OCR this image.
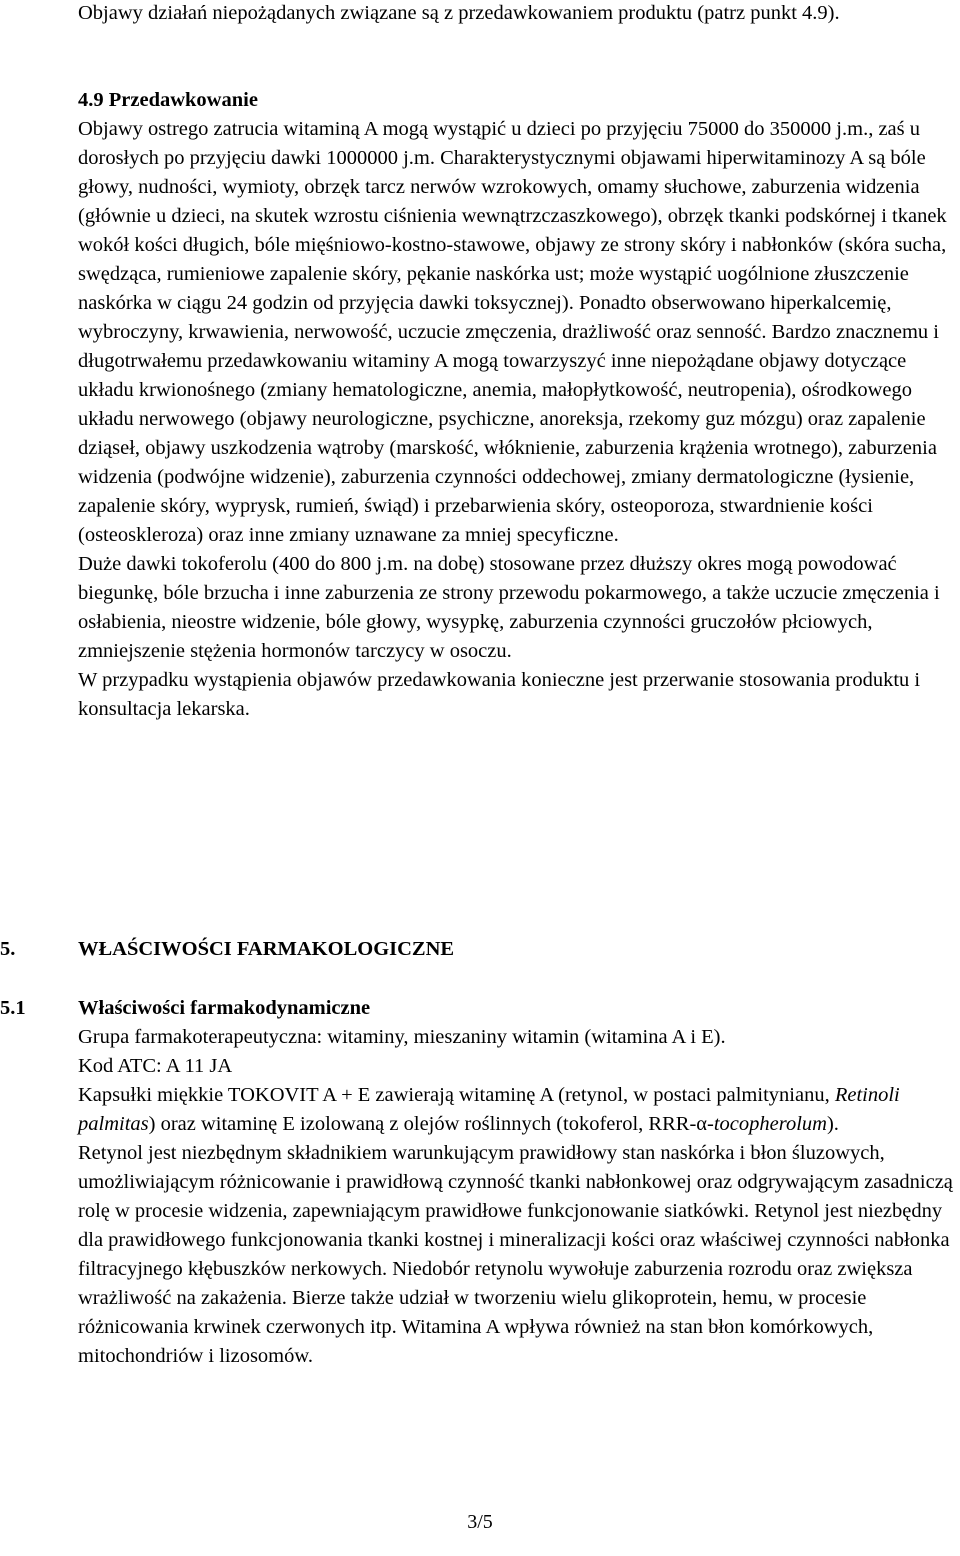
Objawy działań niepożądanych związane są z przedawkowaniem produktu (patrz punkt 4.9).

4.9 Przedawkowanie

Objawy ostrego zatrucia witaminą A mogą wystąpić u dzieci po przyjęciu 75000 do 350000 j.m., zaś u dorosłych po przyjęciu dawki 1000000 j.m. Charakterystycznymi objawami hiperwitaminozy A są bóle głowy, nudności, wymioty, obrzęk tarcz nerwów wzrokowych, omamy słuchowe, zaburzenia widzenia (głównie u dzieci, na skutek wzrostu ciśnienia wewnątrzczaszkowego), obrzęk tkanki podskórnej i tkanek wokół kości długich, bóle mięśniowo-kostno-stawowe, objawy ze strony skóry i nabłonków (skóra sucha, swędząca, rumieniowe zapalenie skóry, pękanie naskórka ust; może wystąpić uogólnione złuszczenie naskórka w ciągu 24 godzin od przyjęcia dawki toksycznej). Ponadto obserwowano hiperkalcemię, wybroczyny, krwawienia, nerwowość, uczucie zmęczenia, drażliwość oraz senność. Bardzo znacznemu i długotrwałemu przedawkowaniu witaminy A mogą towarzyszyć inne niepożądane objawy dotyczące układu krwionośnego (zmiany hematologiczne, anemia, małopłytkowość, neutropenia), ośrodkowego układu nerwowego (objawy neurologiczne, psychiczne, anoreksja, rzekomy guz mózgu) oraz zapalenie dziąseł, objawy uszkodzenia wątroby (marskość, włóknienie, zaburzenia krążenia wrotnego), zaburzenia widzenia (podwójne widzenie), zaburzenia czynności oddechowej, zmiany dermatologiczne (łysienie, zapalenie skóry, wyprysk, rumień, świąd) i przebarwienia skóry, osteoporoza, stwardnienie kości (osteoskleroza) oraz inne zmiany uznawane za mniej specyficzne.

Duże dawki tokoferolu (400 do 800 j.m. na dobę) stosowane przez dłuższy okres mogą powodować biegunkę, bóle brzucha i inne zaburzenia ze strony przewodu pokarmowego, a także uczucie zmęczenia i osłabienia, nieostre widzenie, bóle głowy, wysypkę, zaburzenia czynności gruczołów płciowych, zmniejszenie stężenia hormonów tarczycy w osoczu.

W przypadku wystąpienia objawów przedawkowania konieczne jest przerwanie stosowania produktu i konsultacja lekarska.

5.	WŁAŚCIWOŚCI FARMAKOLOGICZNE
5.1	Właściwości farmakodynamiczne

Grupa farmakoterapeutyczna: witaminy, mieszaniny witamin (witamina A i E).

Kod ATC: A 11 JA

Kapsułki miękkie TOKOVIT A + E zawierają witaminę A (retynol, w postaci palmitynianu, Retinoli palmitas) oraz witaminę E izolowaną z olejów roślinnych (tokoferol, RRR-α-tocopherolum).

Retynol jest niezbędnym składnikiem warunkującym prawidłowy stan naskórka i błon śluzowych, umożliwiającym różnicowanie i prawidłową czynność tkanki nabłonkowej oraz odgrywającym zasadniczą rolę w procesie widzenia, zapewniającym prawidłowe funkcjonowanie siatkówki. Retynol jest niezbędny dla prawidłowego funkcjonowania tkanki kostnej i mineralizacji kości oraz właściwej czynności nabłonka filtracyjnego kłębuszków nerkowych. Niedobór retynolu wywołuje zaburzenia rozrodu oraz zwiększa wrażliwość na zakażenia. Bierze także udział w tworzeniu wielu glikoprotein, hemu, w procesie różnicowania krwinek czerwonych itp. Witamina A wpływa również na stan błon komórkowych, mitochondriów i lizosomów.

3/5
